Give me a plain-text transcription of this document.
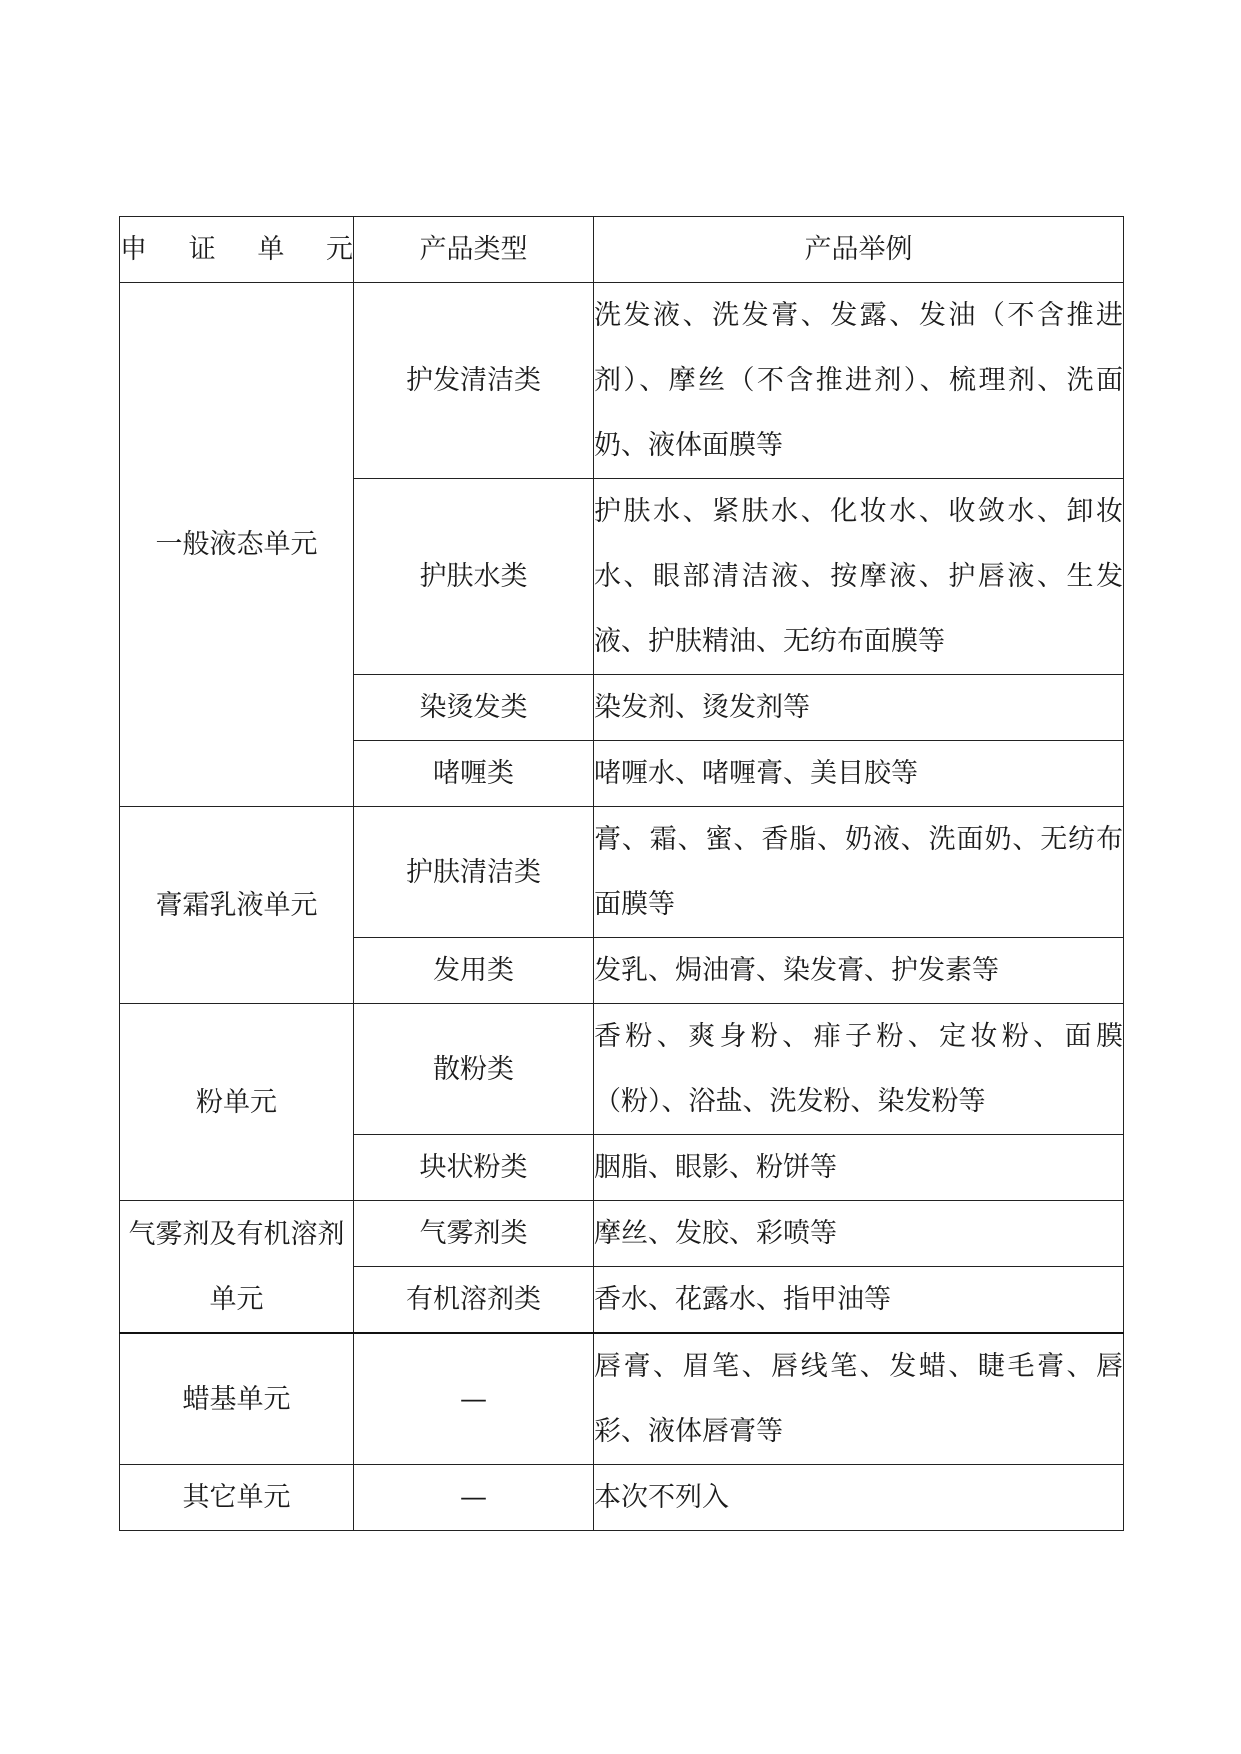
申证单元	产品类型	产品举例
一般液态单元	护发清洁类	洗发液、洗发膏、发露、发油（不含推进剂）、摩丝（不含推进剂）、梳理剂、洗面奶、液体面膜等
	护肤水类	护肤水、紧肤水、化妆水、收敛水、卸妆水、眼部清洁液、按摩液、护唇液、生发液、护肤精油、无纺布面膜等
	染烫发类	染发剂、烫发剂等
	啫喱类	啫喱水、啫喱膏、美目胶等
膏霜乳液单元	护肤清洁类	膏、霜、蜜、香脂、奶液、洗面奶、无纺布面膜等
	发用类	发乳、焗油膏、染发膏、护发素等
粉单元	散粉类	香粉、爽身粉、痱子粉、定妆粉、面膜（粉）、浴盐、洗发粉、染发粉等
	块状粉类	胭脂、眼影、粉饼等
气雾剂及有机溶剂单元	气雾剂类	摩丝、发胶、彩喷等
	有机溶剂类	香水、花露水、指甲油等
蜡基单元	—	唇膏、眉笔、唇线笔、发蜡、睫毛膏、唇彩、液体唇膏等
其它单元	—	本次不列入
